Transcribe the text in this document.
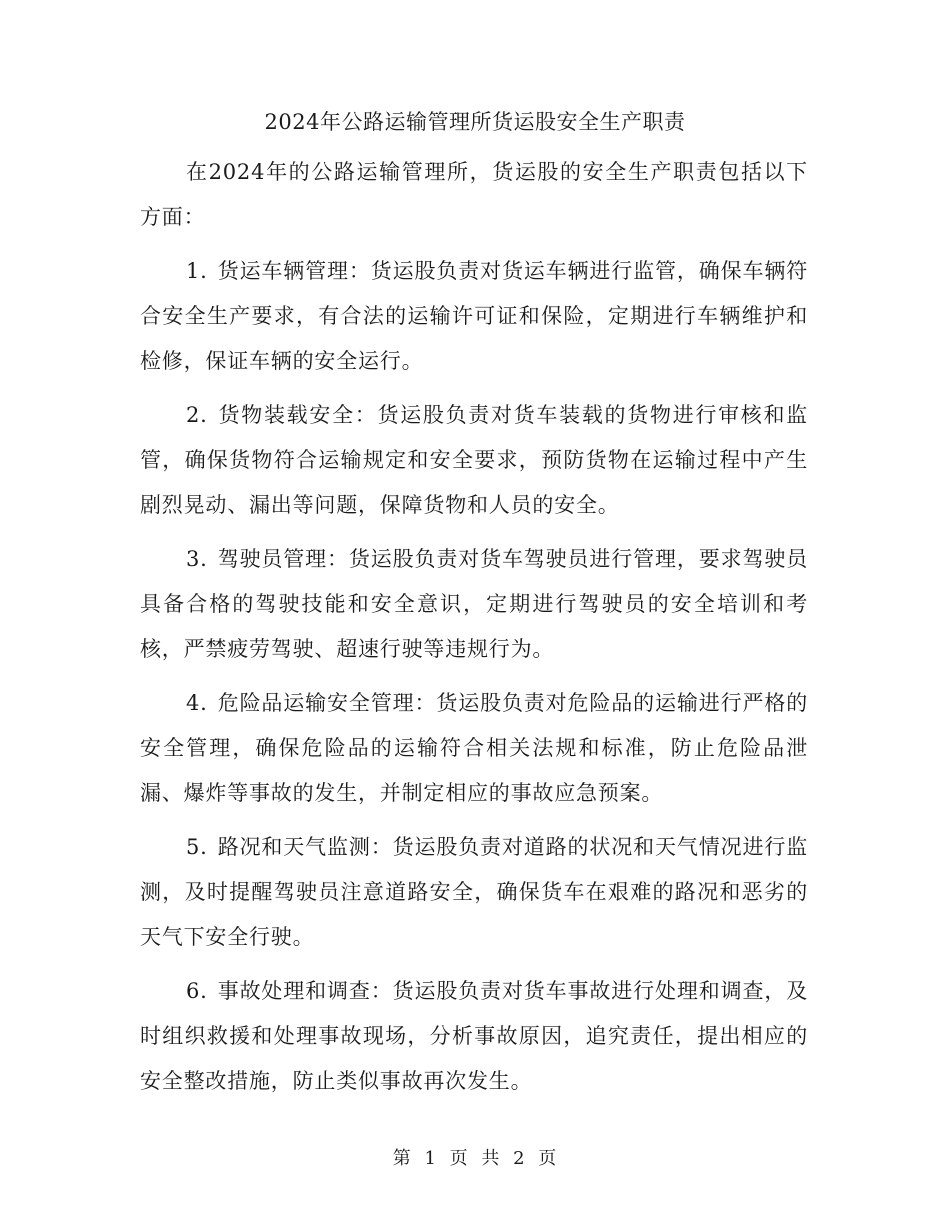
2024年公路运输管理所货运股安全生产职责

在2024年的公路运输管理所，货运股的安全生产职责包括以下方面：

1. 货运车辆管理：货运股负责对货运车辆进行监管，确保车辆符合安全生产要求，有合法的运输许可证和保险，定期进行车辆维护和检修，保证车辆的安全运行。

2. 货物装载安全：货运股负责对货车装载的货物进行审核和监管，确保货物符合运输规定和安全要求，预防货物在运输过程中产生剧烈晃动、漏出等问题，保障货物和人员的安全。

3. 驾驶员管理：货运股负责对货车驾驶员进行管理，要求驾驶员具备合格的驾驶技能和安全意识，定期进行驾驶员的安全培训和考核，严禁疲劳驾驶、超速行驶等违规行为。

4. 危险品运输安全管理：货运股负责对危险品的运输进行严格的安全管理，确保危险品的运输符合相关法规和标准，防止危险品泄漏、爆炸等事故的发生，并制定相应的事故应急预案。

5. 路况和天气监测：货运股负责对道路的状况和天气情况进行监测，及时提醒驾驶员注意道路安全，确保货车在艰难的路况和恶劣的天气下安全行驶。

6. 事故处理和调查：货运股负责对货车事故进行处理和调查，及时组织救援和处理事故现场，分析事故原因，追究责任，提出相应的安全整改措施，防止类似事故再次发生。

第 1 页 共 2 页
